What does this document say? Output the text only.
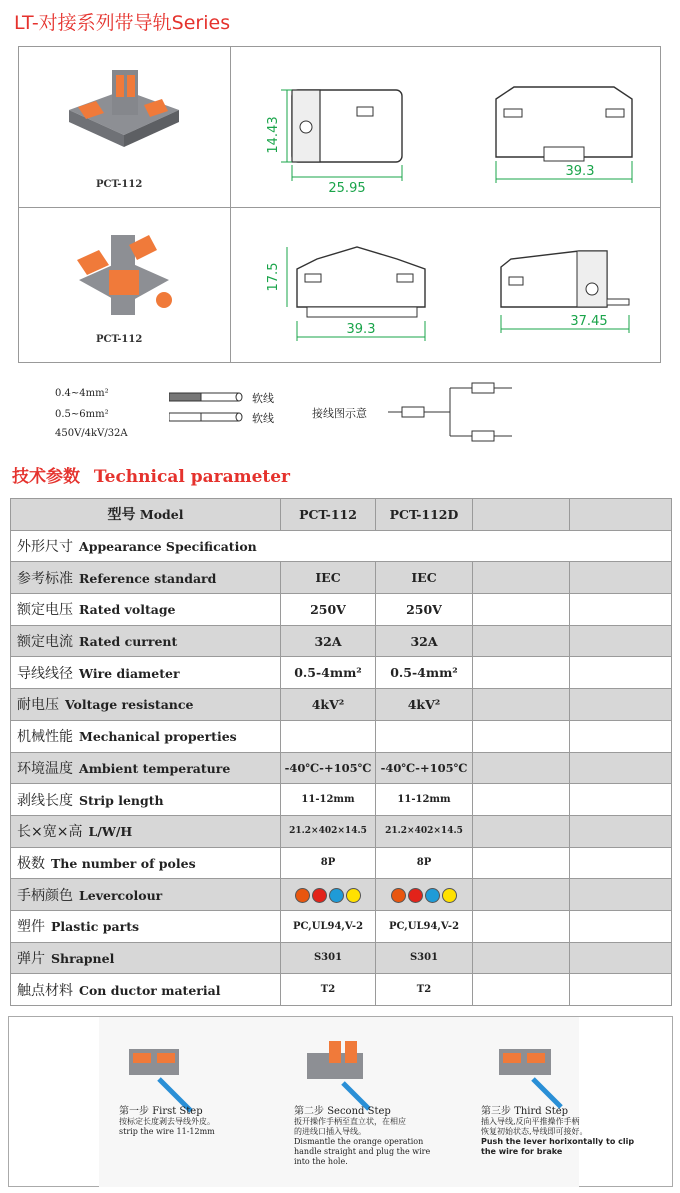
LT-对接系列带导轨Series
PCT-112
14.43
25.95
39.3
PCT-112
17.5
39.3
37.45
0.4~4mm²
0.5~6mm²
450V/4kV/32A
软线
软线	接线图示意
技术参数 Technical parameter
型号 Model	PCT-112	PCT-112D		
外形尺寸 Appearance Specification				
参考标准 Reference standard	IEC	IEC		
额定电压 Rated voltage	250V	250V		
额定电流 Rated current	32A	32A		
导线线径 Wire diameter	0.5-4mm²	0.5-4mm²		
耐电压 Voltage resistance	4kV²	4kV²		
机械性能 Mechanical properties				
环境温度 Ambient temperature	-40℃-+105℃	-40℃-+105℃		
剥线长度 Strip length	11-12mm	11-12mm		
长×宽×高 L/W/H	21.2×402×14.5	21.2×402×14.5		
极数 The number of poles	8P	8P		
手柄颜色 Levercolour				
塑件 Plastic parts	PC,UL94,V-2	PC,UL94,V-2		
弹片 Shrapnel	S301	S301		
触点材料 Con ductor material	T2	T2		
第一步 First Step
按标定长度剥去导线外皮。
strip the wire 11-12mm
第二步 Second Step
扳开操作手柄至直立状，在相应
的进线口插入导线。
Dismantle the orange operation
handle straight and plug the wire
into the hole.
第三步 Third Step
插入导线,反向平推操作手柄
恢复初始状态,导线即可接好。
Push the lever horixontally to clip
the wire for brake
